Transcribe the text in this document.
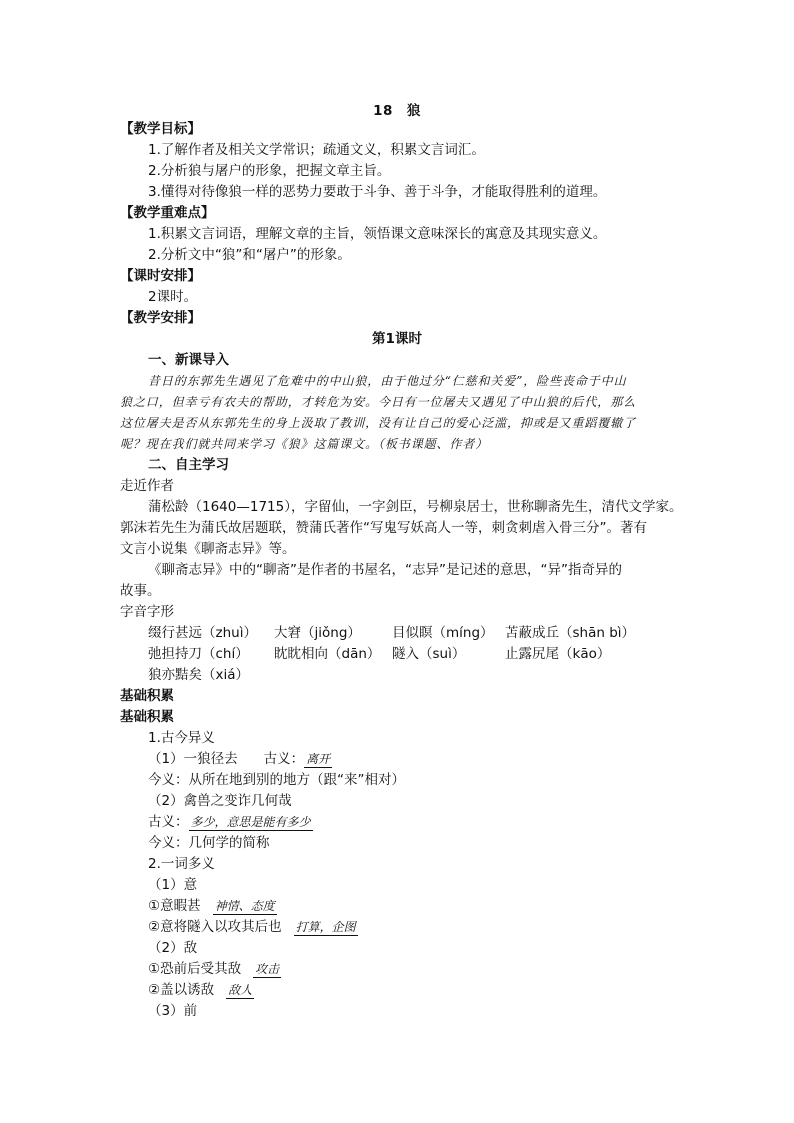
18　狼
【教学目标】
1.了解作者及相关文学常识；疏通文义，积累文言词汇。
2.分析狼与屠户的形象，把握文章主旨。
3.懂得对待像狼一样的恶势力要敢于斗争、善于斗争，才能取得胜利的道理。
【教学重难点】
1.积累文言词语，理解文章的主旨，领悟课文意味深长的寓意及其现实意义。
2.分析文中“狼”和“屠户”的形象。
【课时安排】
2课时。
【教学安排】
第1课时
一、新课导入
昔日的东郭先生遇见了危难中的中山狼，由于他过分“仁慈和关爱”，险些丧命于中山
狼之口，但幸亏有农夫的帮助，才转危为安。今日有一位屠夫又遇见了中山狼的后代，那么
这位屠夫是否从东郭先生的身上汲取了教训，没有让自己的爱心泛滥，抑或是又重蹈覆辙了
呢？现在我们就共同来学习《狼》这篇课文。（板书课题、作者）
二、自主学习
走近作者
蒲松龄（1640—1715），字留仙，一字剑臣，号柳泉居士，世称聊斋先生，清代文学家。
郭沫若先生为蒲氏故居题联，赞蒲氏著作“写鬼写妖高人一等，刺贪刺虐入骨三分”。著有
文言小说集《聊斋志异》等。
《聊斋志异》中的“聊斋”是作者的书屋名，“志异”是记述的意思，“异”指奇异的
故事。
字音字形
缀行甚远（zhuì） 大窘（jiǒng） 目似瞑（míng） 苫蔽成丘（shān bì）
弛担持刀（chí） 眈眈相向（dān） 隧入（suì）	止露尻尾（kāo）
狼亦黠矣（xiá）
基础积累
基础积累
1.古今异义
（1）一狼径去 古义： 离开
今义：从所在地到别的地方（跟“来”相对）
（2）禽兽之变诈几何哉
古义： 多少，意思是能有多少
今义：几何学的简称
2.一词多义
（1）意
①意暇甚 神情、态度
②意将隧入以攻其后也 打算，企图
（2）敌
①恐前后受其敌 攻击
②盖以诱敌 敌人
（3）前
